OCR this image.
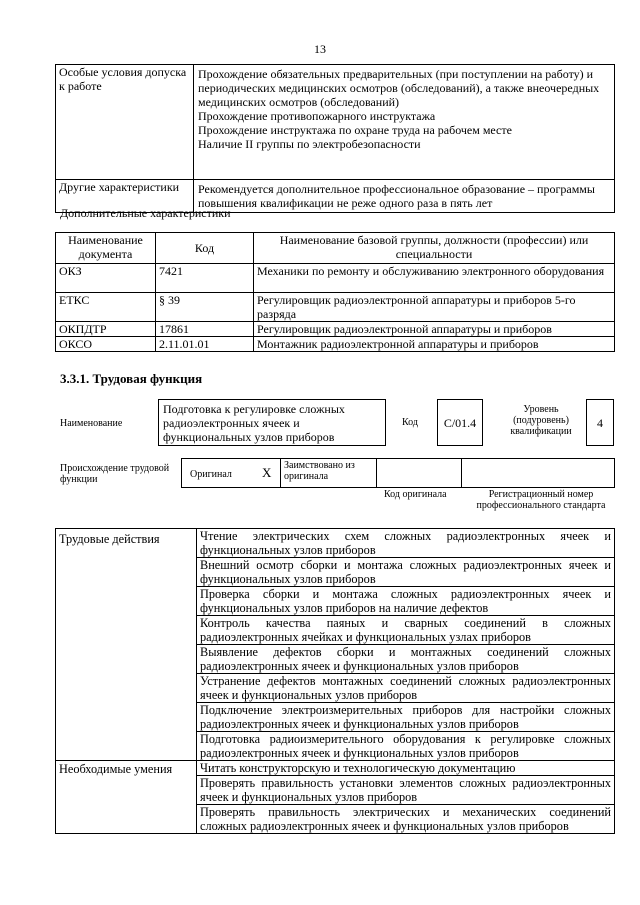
13
Особые условия допуска к работе	Прохождение обязательных предварительных (при поступлении на работу) и периодических медицинских осмотров (обследований), а также внеочередных медицинских осмотров (обследований)
Прохождение противопожарного инструктажа
Прохождение инструктажа по охране труда на рабочем месте
Наличие II группы по электробезопасности

Другие характеристики	Рекомендуется дополнительное профессиональное образование – программы повышения квалификации не реже одного раза в пять лет
Дополнительные характеристики
Наименование документа	Код	Наименование базовой группы, должности (профессии) или специальности
ОКЗ	7421	Механики по ремонту и обслуживанию электронного оборудования
ЕТКС	§ 39	Регулировщик радиоэлектронной аппаратуры и приборов 5-го разряда
ОКПДТР	17861	Регулировщик радиоэлектронной аппаратуры и приборов
ОКСО	2.11.01.01	Монтажник радиоэлектронной аппаратуры и приборов
3.3.1. Трудовая функция
Наименование
Подготовка к регулировке сложных радиоэлектронных ячеек и функциональных узлов приборов
Код	C/01.4
Уровень (подуровень) квалификации
4
Происхождение трудовой функции	Оригинал X Заимствовано из оригинала
Код оригинала	Регистрационный номер профессионального стандарта
Трудовые действия	Чтение электрических схем сложных радиоэлектронных ячеек и функциональных узлов приборов
	Внешний осмотр сборки и монтажа сложных радиоэлектронных ячеек и функциональных узлов приборов
	Проверка сборки и монтажа сложных радиоэлектронных ячеек и функциональных узлов приборов на наличие дефектов
	Контроль качества паяных и сварных соединений в сложных радиоэлектронных ячейках и функциональных узлах приборов
	Выявление дефектов сборки и монтажных соединений сложных радиоэлектронных ячеек и функциональных узлов приборов
	Устранение дефектов монтажных соединений сложных радиоэлектронных ячеек и функциональных узлов приборов
	Подключение электроизмерительных приборов для настройки сложных радиоэлектронных ячеек и функциональных узлов приборов
	Подготовка радиоизмерительного оборудования к регулировке сложных радиоэлектронных ячеек и функциональных узлов приборов
Необходимые умения	Читать конструкторскую и технологическую документацию
	Проверять правильность установки элементов сложных радиоэлектронных ячеек и функциональных узлов приборов
	Проверять правильность электрических и механических соединений сложных радиоэлектронных ячеек и функциональных узлов приборов
